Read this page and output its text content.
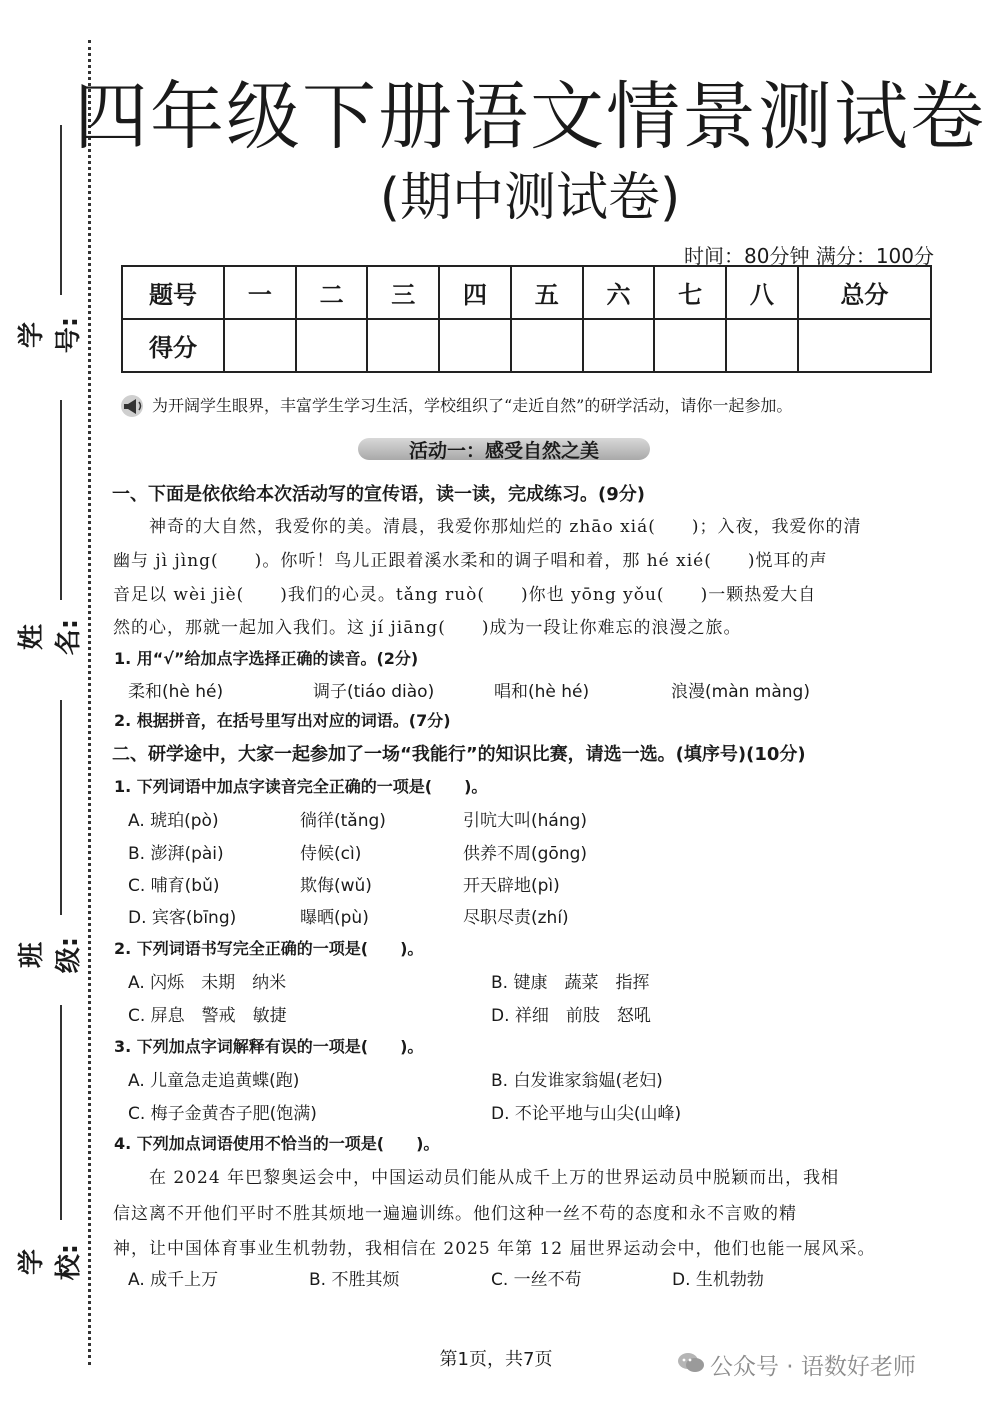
学号:
姓名:
班级:
学校:
四年级下册语文情景测试卷
(期中测试卷)
时间：80分钟 满分：100分
题号	一	二	三	四	五	六	七	八	总分
得分									
为开阔学生眼界，丰富学生学习生活，学校组织了“走近自然”的研学活动，请你一起参加。
活动一：感受自然之美
一、下面是依依给本次活动写的宣传语，读一读，完成练习。(9分)
　　神奇的大自然，我爱你的美。清晨，我爱你那灿烂的 zhāo xiá(　　)；入夜，我爱你的清
幽与 jì jìng(　　)。你听！鸟儿正跟着溪水柔和的调子唱和着，那 hé xié(　　)悦耳的声
音足以 wèi jiè(　　)我们的心灵。tǎng ruò(　　)你也 yōng yǒu(　　)一颗热爱大自
然的心，那就一起加入我们。这 jí jiāng(　　)成为一段让你难忘的浪漫之旅。
1. 用“√”给加点字选择正确的读音。(2分)
柔和(hè hé)	调子(tiáo diào)	唱和(hè hé)	浪漫(màn màng)
2. 根据拼音，在括号里写出对应的词语。(7分)
二、研学途中，大家一起参加了一场“我能行”的知识比赛，请选一选。(填序号)(10分)
1. 下列词语中加点字读音完全正确的一项是(　　)。
A. 琥珀(pò)	徜徉(tǎng)	引吭大叫(háng)
B. 澎湃(pài)	侍候(cì)	供养不周(gōng)
C. 哺育(bǔ)	欺侮(wǔ)	开天辟地(pì)
D. 宾客(bīng)	曝晒(pù)	尽职尽责(zhí)
2. 下列词语书写完全正确的一项是(　　)。
A. 闪烁　未期　纳米	B. 键康　蔬菜　指挥
C. 屏息　警戒　敏捷	D. 祥细　前肢　怒吼
3. 下列加点字词解释有误的一项是(　　)。
A. 儿童急走追黄蝶(跑)	B. 白发谁家翁媪(老妇)
C. 梅子金黄杏子肥(饱满)	D. 不论平地与山尖(山峰)
4. 下列加点词语使用不恰当的一项是(　　)。
　　在 2024 年巴黎奥运会中，中国运动员们能从成千上万的世界运动员中脱颖而出，我相
信这离不开他们平时不胜其烦地一遍遍训练。他们这种一丝不苟的态度和永不言败的精
神，让中国体育事业生机勃勃，我相信在 2025 年第 12 届世界运动会中，他们也能一展风采。
A. 成千上万	B. 不胜其烦	C. 一丝不苟	D. 生机勃勃
第1页，共7页	公众号 · 语数好老师
